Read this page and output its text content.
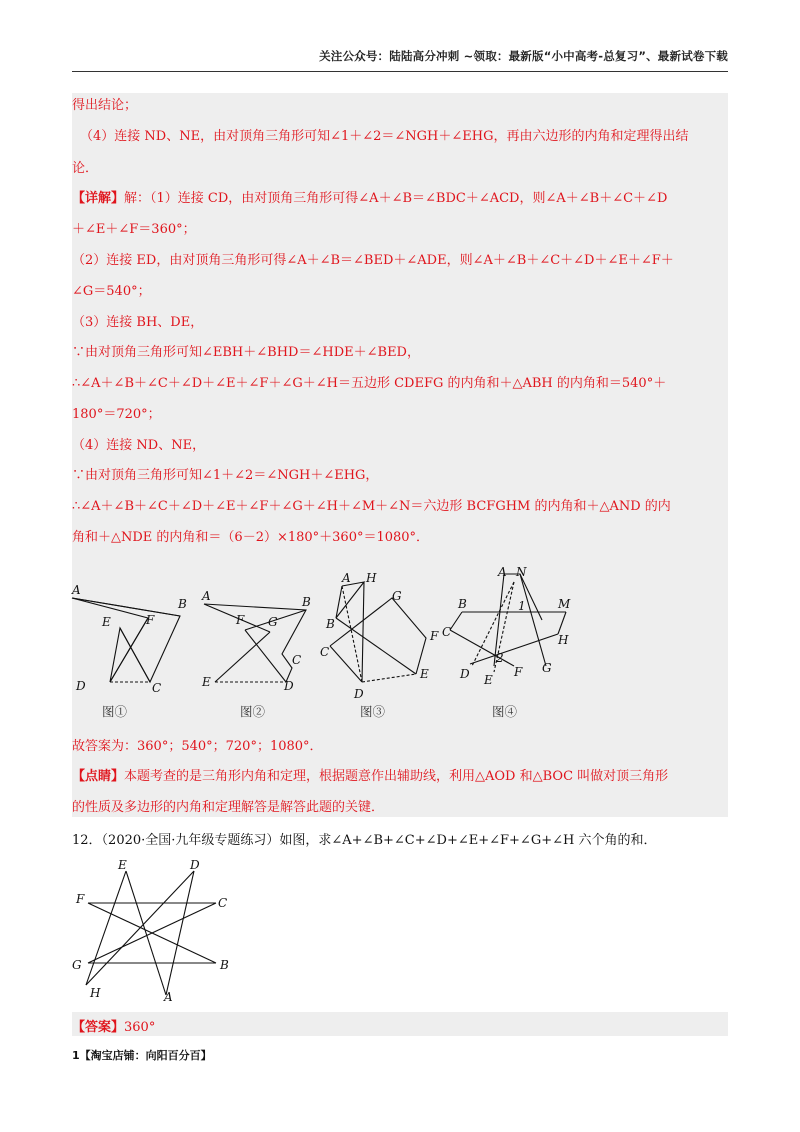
关注公众号：陆陆高分冲刺 ~领取：最新版“小中高考-总复习”、最新试卷下载
得出结论；
（4）连接 ND、NE，由对顶角三角形可知∠1＋∠2＝∠NGH＋∠EHG，再由六边形的内角和定理得出结
论．
【详解】解：（1）连接 CD，由对顶角三角形可得∠A＋∠B＝∠BDC＋∠ACD，则∠A＋∠B＋∠C＋∠D
＋∠E＋∠F＝360°；
（2）连接 ED，由对顶角三角形可得∠A＋∠B＝∠BED＋∠ADE，则∠A＋∠B＋∠C＋∠D＋∠E＋∠F＋
∠G＝540°；
（3）连接 BH、DE，
∵由对顶角三角形可知∠EBH＋∠BHD＝∠HDE＋∠BED，
∴∠A＋∠B＋∠C＋∠D＋∠E＋∠F＋∠G＋∠H＝五边形 CDEFG 的内角和＋△ABH 的内角和＝540°＋
180°＝720°；
（4）连接 ND、NE，
∵由对顶角三角形可知∠1＋∠2＝∠NGH＋∠EHG，
∴∠A＋∠B＋∠C＋∠D＋∠E＋∠F＋∠G＋∠H＋∠M＋∠N＝六边形 BCFGHM 的内角和＋△AND 的内
角和＋△NDE 的内角和＝（6－2）×180°＋360°＝1080°．
A
B
E	F
D	C
图①
A	B
F G
C
E	D
图②
A H
G
B
F
C
E
D
图③
A N
B	M
1
C
H
2
D E
F G
图④
故答案为：360°；540°；720°；1080°．
【点睛】本题考查的是三角形内角和定理，根据题意作出辅助线，利用△AOD 和△BOC 叫做对顶三角形
的性质及多边形的内角和定理解答是解答此题的关键．
12．（2020·全国·九年级专题练习）如图，求∠A+∠B+∠C+∠D+∠E+∠F+∠G+∠H 六个角的和．
E	D
F	C
G	B
H	A
【答案】360°
1【淘宝店铺：向阳百分百】
